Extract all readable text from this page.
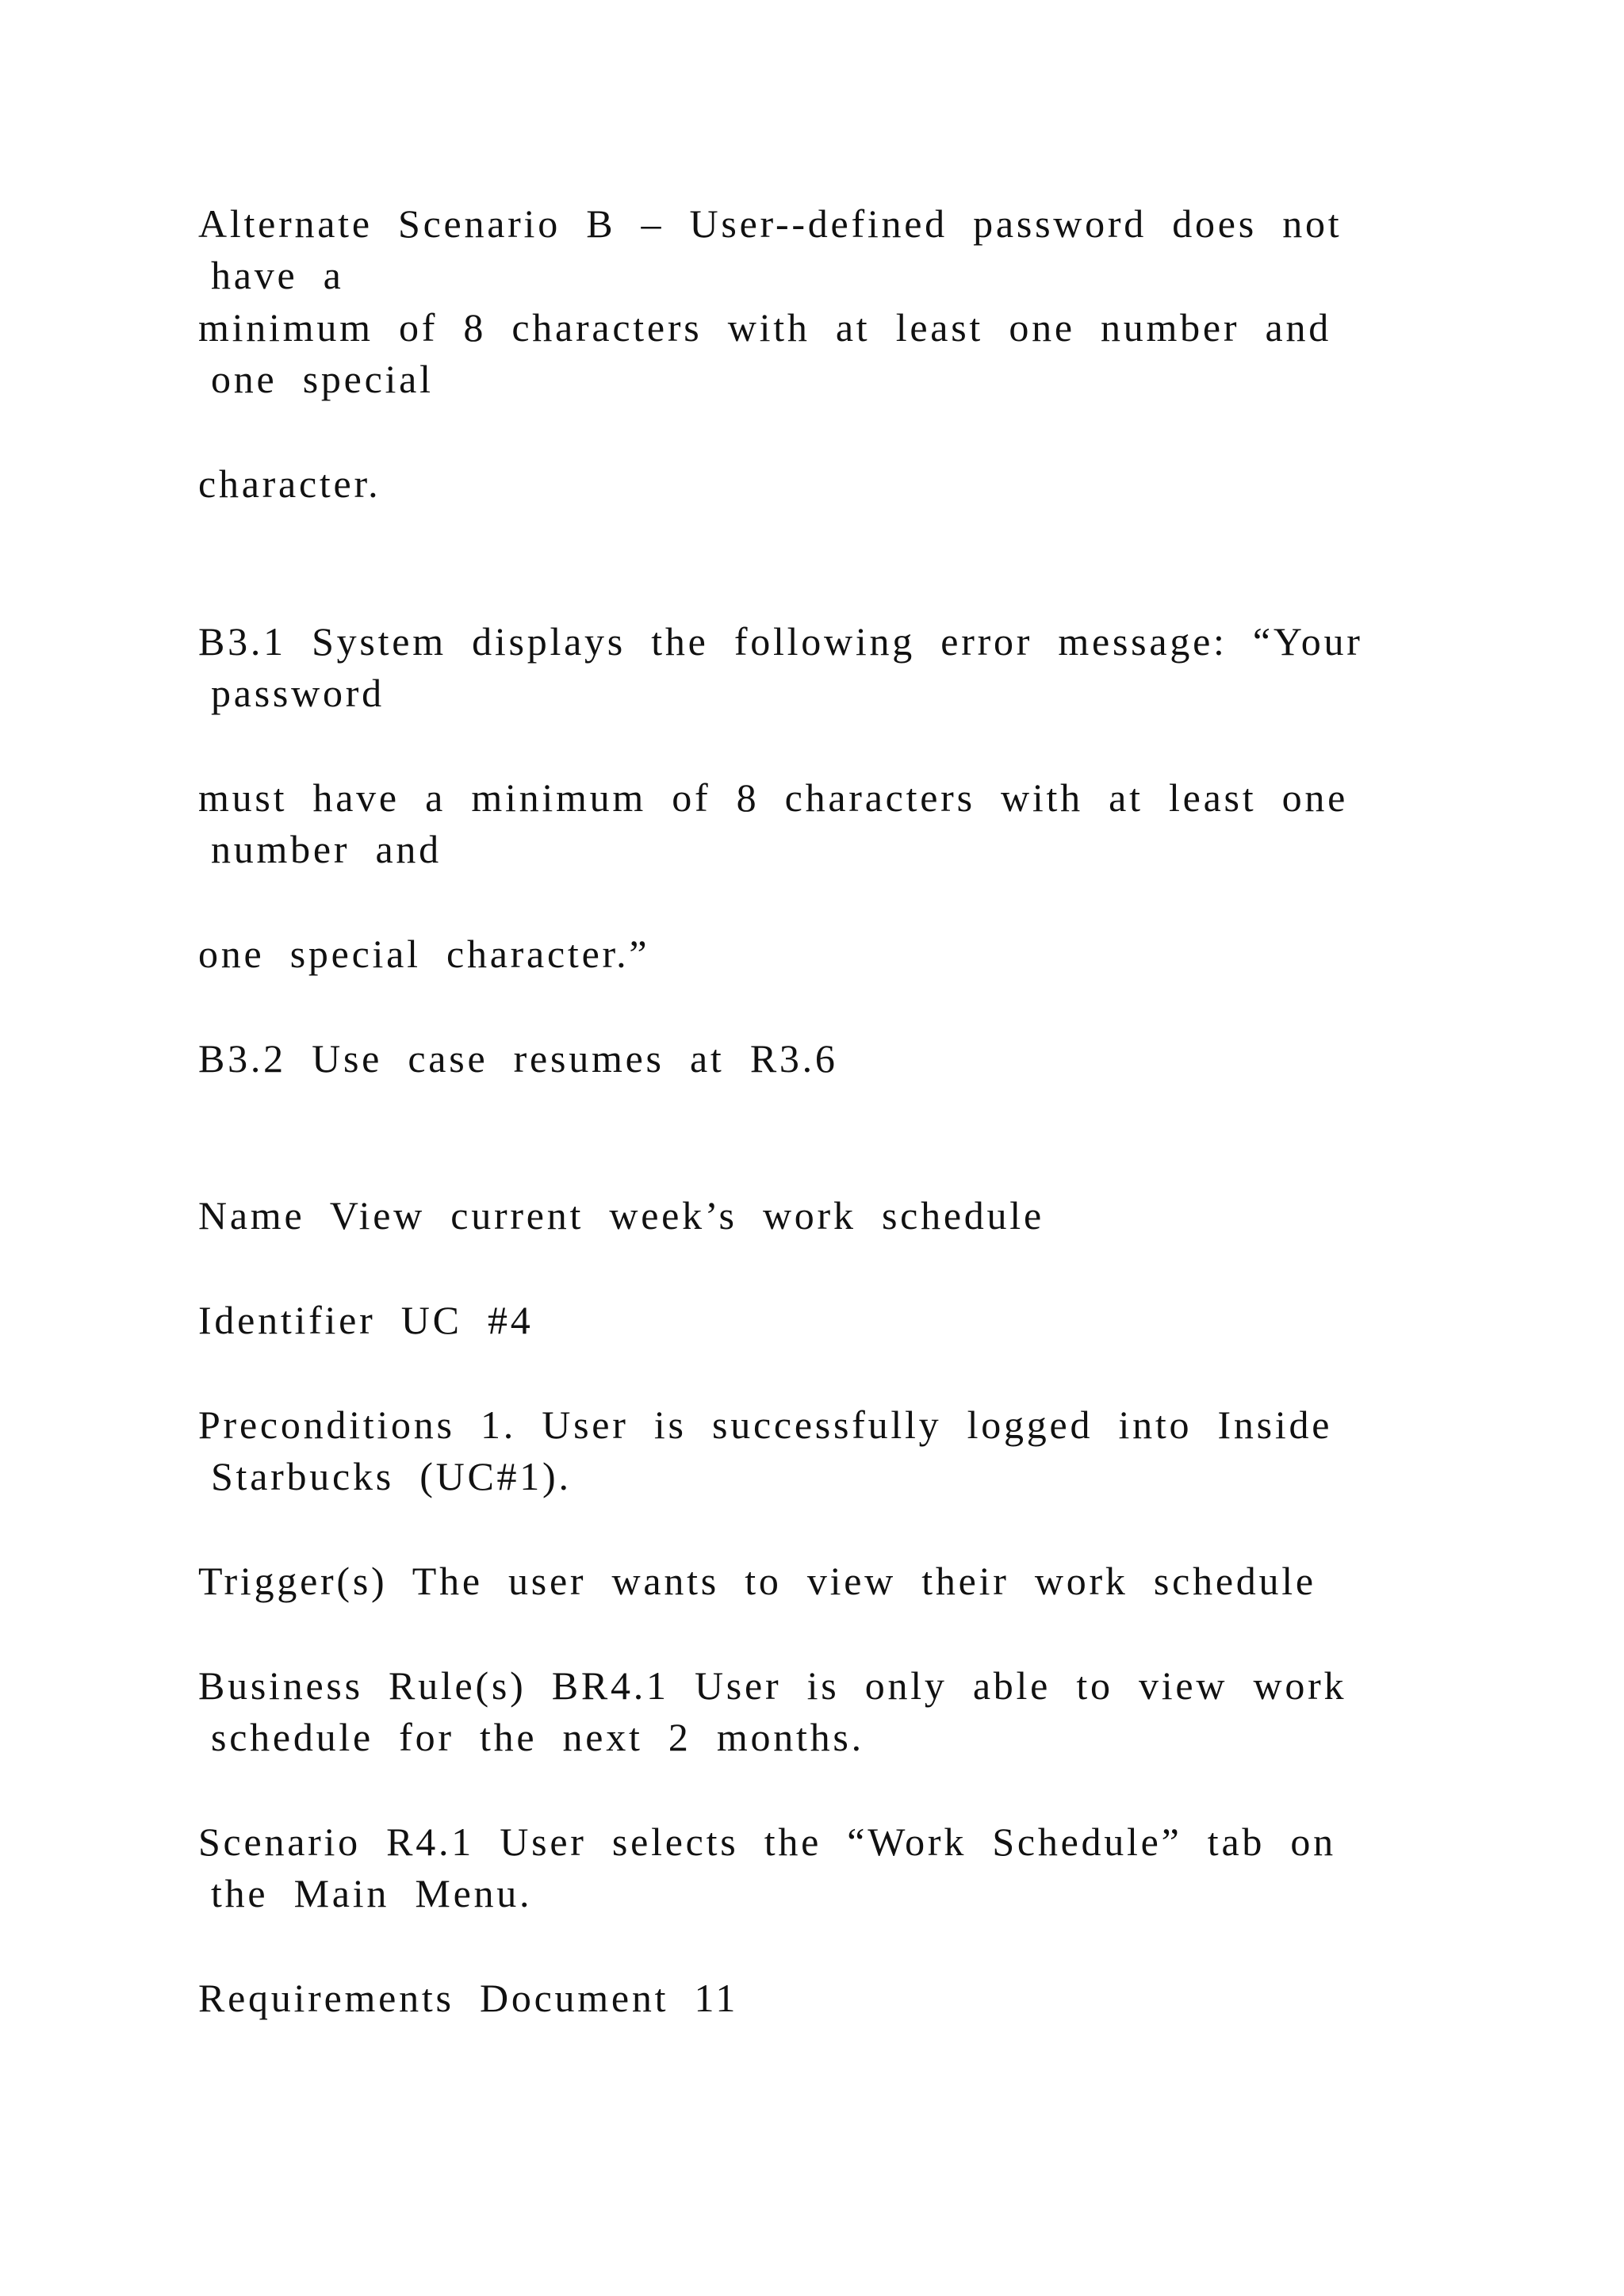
Alternate Scenario B – User--defined password does not

have a

minimum of 8 characters with at least one number and

one special

character.

B3.1 System displays the following error message: “Your

password

must have a minimum of 8 characters with at least one

number and

one special character.”

B3.2 Use case resumes at R3.6

Name View current week’s work schedule

Identifier UC #4

Preconditions 1. User is successfully logged into Inside

Starbucks (UC#1).

Trigger(s) The user wants to view their work schedule

Business Rule(s) BR4.1 User is only able to view work

schedule for the next 2 months.

Scenario R4.1 User selects the “Work Schedule” tab on

the Main Menu.

Requirements Document 11
